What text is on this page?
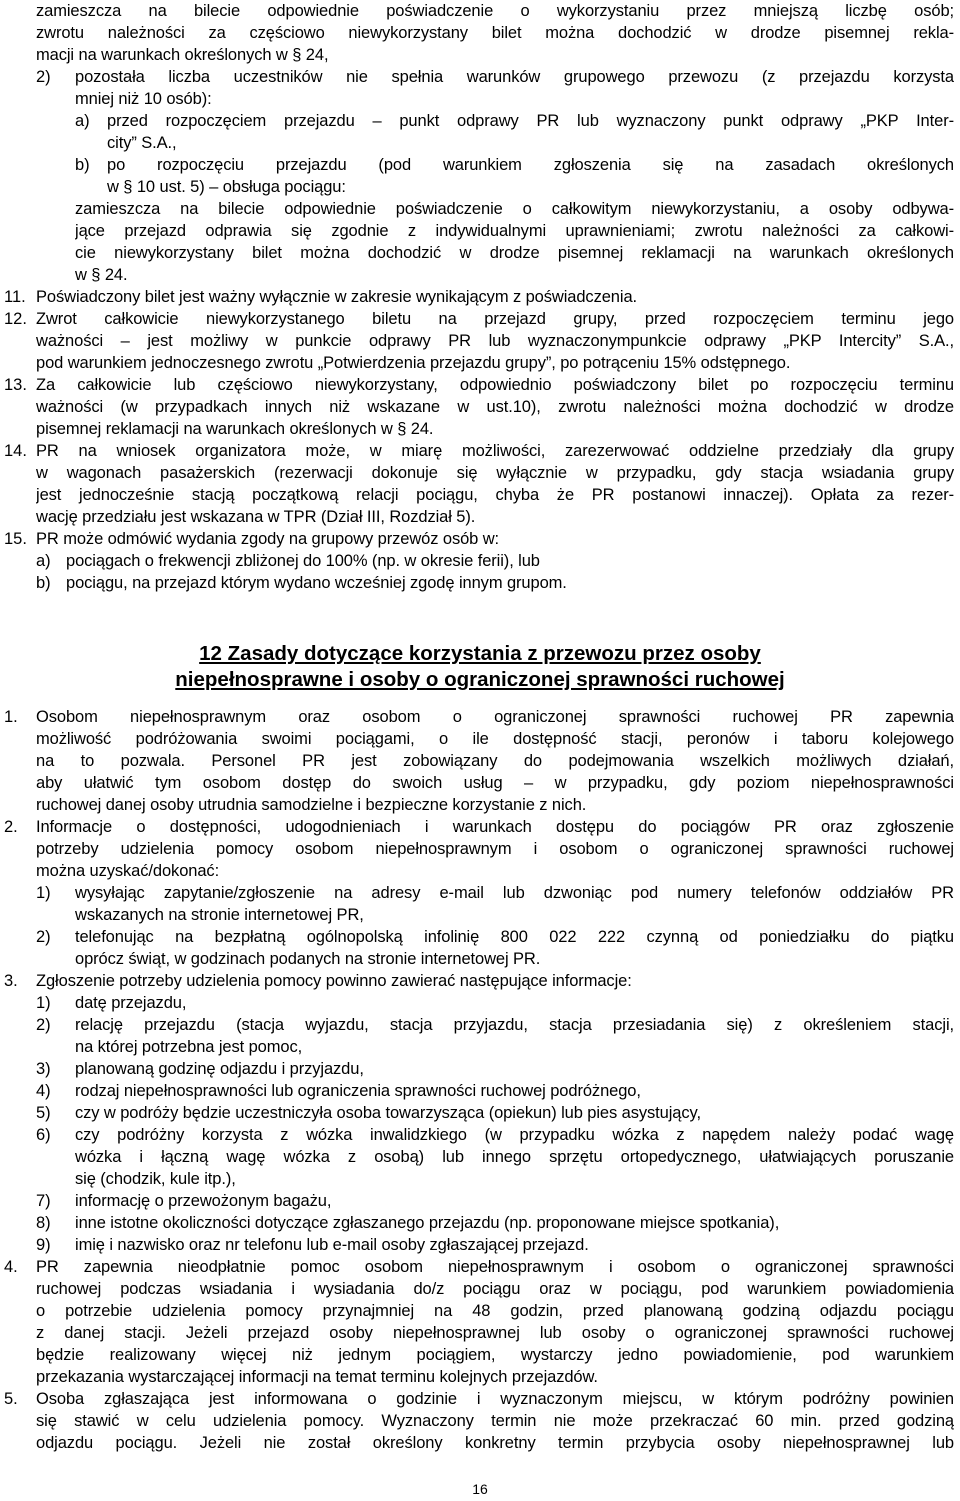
zamieszcza na bilecie odpowiednie poświadczenie o wykorzystaniu przez mniejszą liczbę osób;
zwrotu należności za częściowo niewykorzystany bilet można dochodzić w drodze pisemnej rekla-
macji na warunkach określonych w § 24,
2) pozostała liczba uczestników nie spełnia warunków grupowego przewozu (z przejazdu korzysta
mniej niż 10 osób):
a) przed rozpoczęciem przejazdu – punkt odprawy PR lub wyznaczony punkt odprawy „PKP Inter-
city” S.A.,
b) po rozpoczęciu przejazdu (pod warunkiem zgłoszenia się na zasadach określonych
w § 10 ust. 5) – obsługa pociągu:
zamieszcza na bilecie odpowiednie poświadczenie o całkowitym niewykorzystaniu, a osoby odbywa-
jące przejazd odprawia się zgodnie z indywidualnymi uprawnieniami; zwrotu należności za całkowi-
cie niewykorzystany bilet można dochodzić w drodze pisemnej reklamacji na warunkach określonych
w § 24.
11. Poświadczony bilet jest ważny wyłącznie w zakresie wynikającym z poświadczenia.
12. Zwrot całkowicie niewykorzystanego biletu na przejazd grupy, przed rozpoczęciem terminu jego
ważności – jest możliwy w punkcie odprawy PR lub wyznaczonympunkcie odprawy „PKP Intercity” S.A.,
pod warunkiem jednoczesnego zwrotu „Potwierdzenia przejazdu grupy”, po potrąceniu 15% odstępnego.
13. Za całkowicie lub częściowo niewykorzystany, odpowiednio poświadczony bilet po rozpoczęciu terminu
ważności (w przypadkach innych niż wskazane w ust.10), zwrotu należności można dochodzić w drodze
pisemnej reklamacji na warunkach określonych w § 24.
14. PR na wniosek organizatora może, w miarę możliwości, zarezerwować oddzielne przedziały dla grupy
w wagonach pasażerskich (rezerwacji dokonuje się wyłącznie w przypadku, gdy stacja wsiadania grupy
jest jednocześnie stacją początkową relacji pociągu, chyba że PR postanowi innaczej). Opłata za rezer-
wację przedziału jest wskazana w TPR (Dział III, Rozdział 5).
15. PR może odmówić wydania zgody na grupowy przewóz osób w:
a) pociągach o frekwencji zbliżonej do 100% (np. w okresie ferii), lub
b) pociągu, na przejazd którym wydano wcześniej zgodę innym grupom.
12 Zasady dotyczące korzystania z przewozu przez osoby
niepełnosprawne i osoby o ograniczonej sprawności ruchowej
1. Osobom niepełnosprawnym oraz osobom o ograniczonej sprawności ruchowej PR zapewnia
możliwość podróżowania swoimi pociągami, o ile dostępność stacji, peronów i taboru kolejowego
na to pozwala. Personel PR jest zobowiązany do podejmowania wszelkich możliwych działań,
aby ułatwić tym osobom dostęp do swoich usług – w przypadku, gdy poziom niepełnosprawności
ruchowej danej osoby utrudnia samodzielne i bezpieczne korzystanie z nich.
2. Informacje o dostępności, udogodnieniach i warunkach dostępu do pociągów PR oraz zgłoszenie
potrzeby udzielenia pomocy osobom niepełnosprawnym i osobom o ograniczonej sprawności ruchowej
można uzyskać/dokonać:
1) wysyłając zapytanie/zgłoszenie na adresy e-mail lub dzwoniąc pod numery telefonów oddziałów PR
wskazanych na stronie internetowej PR,
2) telefonując na bezpłatną ogólnopolską infolinię 800 022 222 czynną od poniedziałku do piątku
oprócz świąt, w godzinach podanych na stronie internetowej PR.
3. Zgłoszenie potrzeby udzielenia pomocy powinno zawierać następujące informacje:
1) datę przejazdu,
2) relację przejazdu (stacja wyjazdu, stacja przyjazdu, stacja przesiadania się) z określeniem stacji,
na której potrzebna jest pomoc,
3) planowaną godzinę odjazdu i przyjazdu,
4) rodzaj niepełnosprawności lub ograniczenia sprawności ruchowej podróżnego,
5) czy w podróży będzie uczestniczyła osoba towarzysząca (opiekun) lub pies asystujący,
6) czy podróżny korzysta z wózka inwalidzkiego (w przypadku wózka z napędem należy podać wagę
wózka i łączną wagę wózka z osobą) lub innego sprzętu ortopedycznego, ułatwiających poruszanie
się (chodzik, kule itp.),
7) informację o przewożonym bagażu,
8) inne istotne okoliczności dotyczące zgłaszanego przejazdu (np. proponowane miejsce spotkania),
9) imię i nazwisko oraz nr telefonu lub e-mail osoby zgłaszającej przejazd.
4. PR zapewnia nieodpłatnie pomoc osobom niepełnosprawnym i osobom o ograniczonej sprawności
ruchowej podczas wsiadania i wysiadania do/z pociągu oraz w pociągu, pod warunkiem powiadomienia
o potrzebie udzielenia pomocy przynajmniej na 48 godzin, przed planowaną godziną odjazdu pociągu
z danej stacji. Jeżeli przejazd osoby niepełnosprawnej lub osoby o ograniczonej sprawności ruchowej
będzie realizowany więcej niż jednym pociągiem, wystarczy jedno powiadomienie, pod warunkiem
przekazania wystarczającej informacji na temat terminu kolejnych przejazdów.
5. Osoba zgłaszająca jest informowana o godzinie i wyznaczonym miejscu, w którym podróżny powinien
się stawić w celu udzielenia pomocy. Wyznaczony termin nie może przekraczać 60 min. przed godziną
odjazdu pociągu. Jeżeli nie został określony konkretny termin przybycia osoby niepełnosprawnej lub
16
